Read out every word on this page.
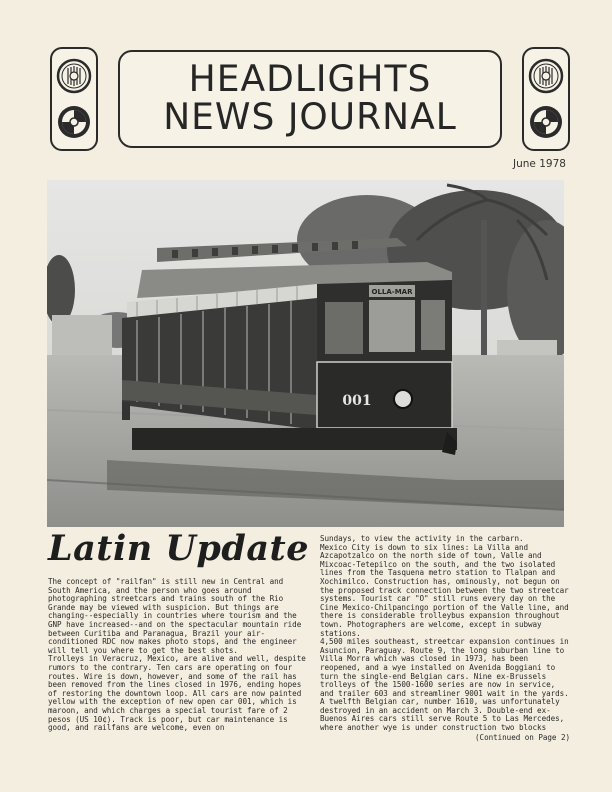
HEADLIGHTS
NEWS JOURNAL
June 1978
OLLA-MAR
001
Latin Update

The concept of "railfan" is still new in Central and South America, and the person who goes around photographing streetcars and trains south of the Rio Grande may be viewed with suspicion. But things are changing--especially in countries where tourism and the GNP have increased--and on the spectacular mountain ride between Curitiba and Paranagua, Brazil your air-conditioned RDC now makes photo stops, and the engineer will tell you where to get the best shots.

Trolleys in Veracruz, Mexico, are alive and well, despite rumors to the contrary. Ten cars are operating on four routes. Wire is down, however, and some of the rail has been removed from the lines closed in 1976, ending hopes of restoring the downtown loop. All cars are now painted yellow with the exception of new open car 001, which is maroon, and which charges a special tourist fare of 2 pesos (US 10¢). Track is poor, but car maintenance is good, and railfans are welcome, even on

Sundays, to view the activity in the carbarn.

Mexico City is down to six lines: La Villa and Azcapotzalco on the north side of town, Valle and Mixcoac-Tetepilco on the south, and the two isolated lines from the Tasquena metro station to Tlalpan and Xochimilco. Construction has, ominously, not begun on the proposed track connection between the two streetcar systems. Tourist car "O" still runs every day on the Cine Mexico-Chilpancingo portion of the Valle line, and there is considerable trolleybus expansion throughout town. Photographers are welcome, except in subway stations.

4,500 miles southeast, streetcar expansion continues in Asuncion, Paraguay. Route 9, the long suburban line to Villa Morra which was closed in 1973, has been reopened, and a wye installed on Avenida Boggiani to turn the single-end Belgian cars. Nine ex-Brussels trolleys of the 1500-1600 series are now in service, and trailer 603 and streamliner 9001 wait in the yards. A twelfth Belgian car, number 1610, was unfortunately destroyed in an accident on March 3. Double-end ex-Buenos Aires cars still serve Route 5 to Las Mercedes, where another wye is under construction two blocks

(Continued on Page 2)
